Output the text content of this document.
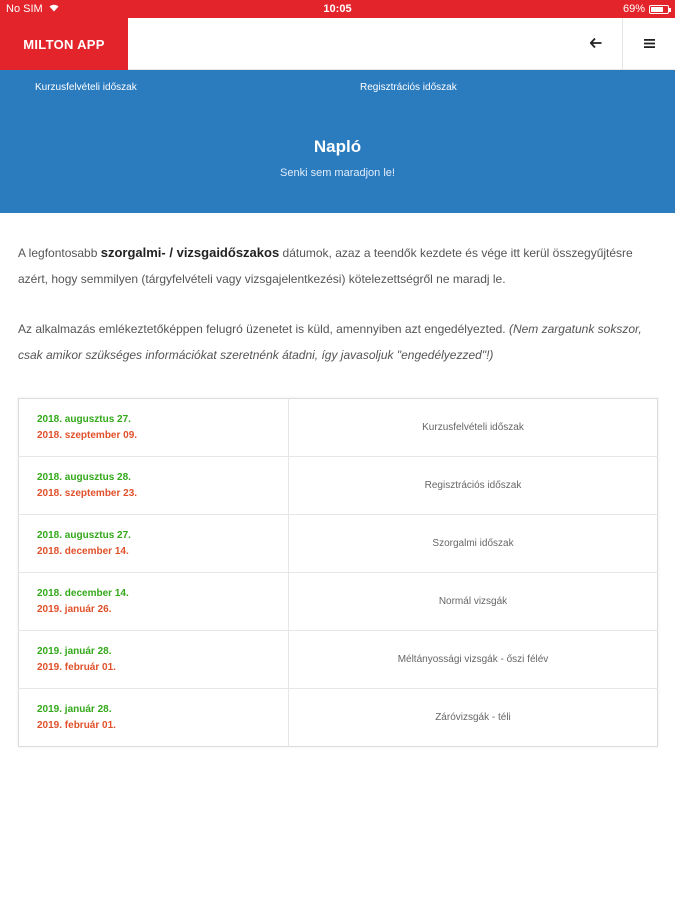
No SIM	10:05	69%
MILTON APP
Kurzusfelvételi időszak	Regisztrációs időszak
Napló
Senki sem maradjon le!

A legfontosabb szorgalmi- / vizsgaidőszakos dátumok, azaz a teendők kezdete és vége itt kerül összegyűjtésre azért, hogy semmilyen (tárgyfelvételi vagy vizsgajelentkezési) kötelezettségről ne maradj le.

Az alkalmazás emlékeztetőképpen felugró üzenetet is küld, amennyiben azt engedélyezted. (Nem zargatunk sokszor, csak amikor szükséges információkat szeretnénk átadni, így javasoljuk "engedélyezzed"!)

2018. augusztus 27.
2018. szeptember 09.	Kurzusfelvételi időszak

2018. augusztus 28.
2018. szeptember 23.	Regisztrációs időszak

2018. augusztus 27.
2018. december 14.	Szorgalmi időszak

2018. december 14.
2019. január 26.	Normál vizsgák

2019. január 28.
2019. február 01.	Méltányossági vizsgák - őszi félév

2019. január 28.
2019. február 01.	Záróvizsgák - téli
